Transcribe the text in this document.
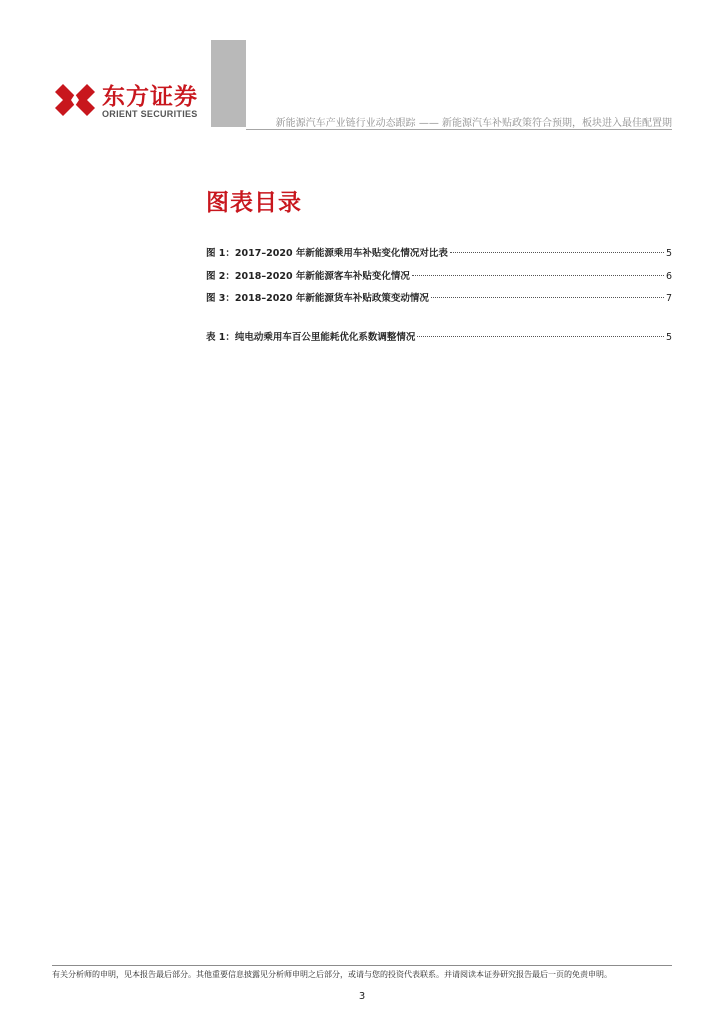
东方证券
ORIENT SECURITIES
新能源汽车产业链行业动态跟踪 —— 新能源汽车补贴政策符合预期，板块进入最佳配置期
图表目录
图 1：2017–2020 年新能源乘用车补贴变化情况对比表	5
图 2：2018–2020 年新能源客车补贴变化情况	6
图 3：2018–2020 年新能源货车补贴政策变动情况	7
表 1：纯电动乘用车百公里能耗优化系数调整情况	5
有关分析师的申明，见本报告最后部分。其他重要信息披露见分析师申明之后部分，或请与您的投资代表联系。并请阅读本证券研究报告最后一页的免责申明。
3
